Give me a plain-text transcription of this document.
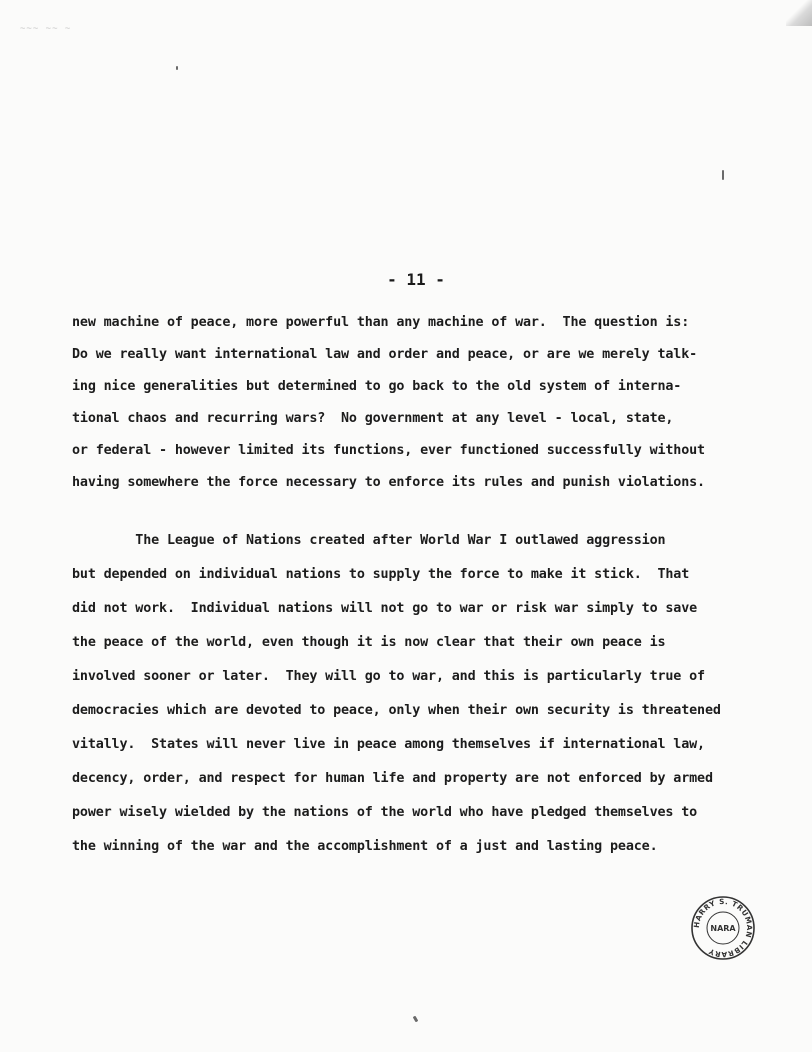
~~~ ~~ ~
- 11 -
new machine of peace, more powerful than any machine of war.  The question is:
Do we really want international law and order and peace, or are we merely talk-
ing nice generalities but determined to go back to the old system of interna-
tional chaos and recurring wars?  No government at any level - local, state,
or federal - however limited its functions, ever functioned successfully without
having somewhere the force necessary to enforce its rules and punish violations.
The League of Nations created after World War I outlawed aggression
but depended on individual nations to supply the force to make it stick.  That
did not work.  Individual nations will not go to war or risk war simply to save
the peace of the world, even though it is now clear that their own peace is
involved sooner or later.  They will go to war, and this is particularly true of
democracies which are devoted to peace, only when their own security is threatened
vitally.  States will never live in peace among themselves if international law,
decency, order, and respect for human life and property are not enforced by armed
power wisely wielded by the nations of the world who have pledged themselves to
the winning of the war and the accomplishment of a just and lasting peace.
HARRY S. TRUMAN LIBRARY
NARA
